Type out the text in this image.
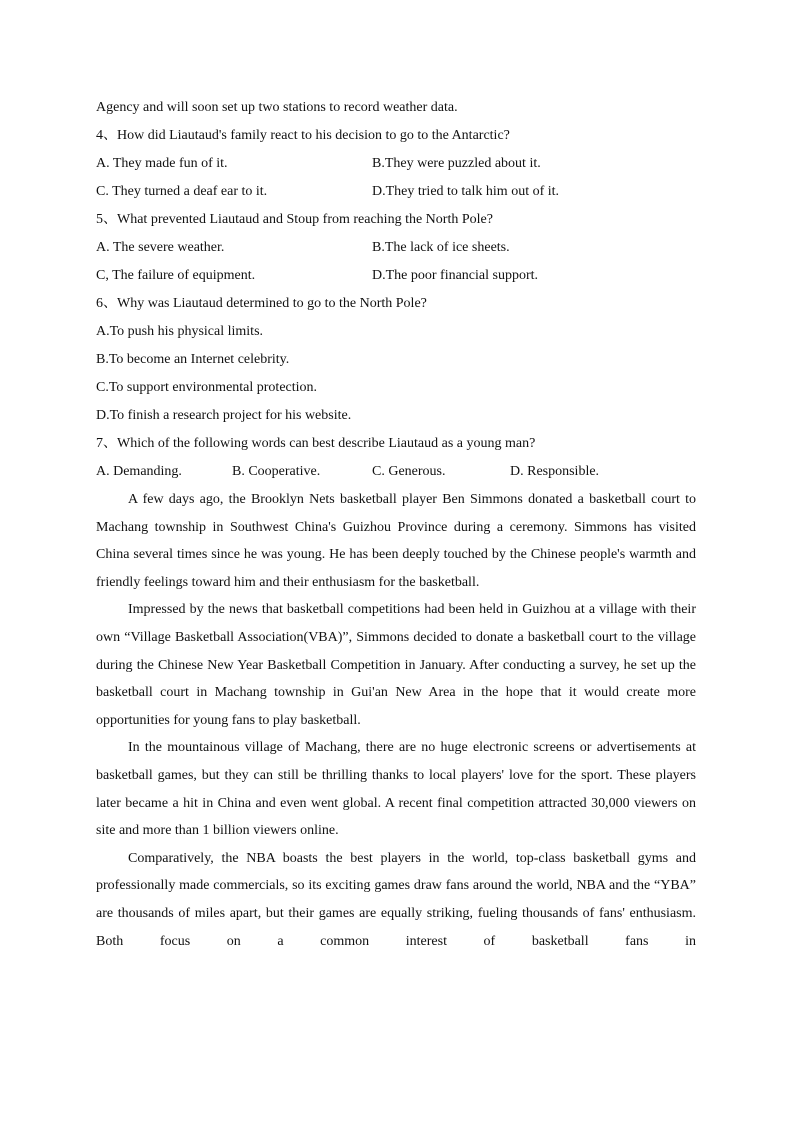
Agency and will soon set up two stations to record weather data.
4、How did Liautaud's family react to his decision to go to the Antarctic?
A. They made fun of it.	B.They were puzzled about it.
C. They turned a deaf ear to it.	D.They tried to talk him out of it.
5、What prevented Liautaud and Stoup from reaching the North Pole?
A. The severe weather.	B.The lack of ice sheets.
C, The failure of equipment.	D.The poor financial support.
6、Why was Liautaud determined to go to the North Pole?
A.To push his physical limits.
B.To become an Internet celebrity.
C.To support environmental protection.
D.To finish a research project for his website.
7、Which of the following words can best describe Liautaud as a young man?
A. Demanding.	B. Cooperative.	C. Generous.	D. Responsible.

A few days ago, the Brooklyn Nets basketball player Ben Simmons donated a basketball court to Machang township in Southwest China's Guizhou Province during a ceremony. Simmons has visited China several times since he was young. He has been deeply touched by the Chinese people's warmth and friendly feelings toward him and their enthusiasm for the basketball.

Impressed by the news that basketball competitions had been held in Guizhou at a village with their own “Village Basketball Association(VBA)”, Simmons decided to donate a basketball court to the village during the Chinese New Year Basketball Competition in January. After conducting a survey, he set up the basketball court in Machang township in Gui'an New Area in the hope that it would create more opportunities for young fans to play basketball.

In the mountainous village of Machang, there are no huge electronic screens or advertisements at basketball games, but they can still be thrilling thanks to local players' love for the sport. These players later became a hit in China and even went global. A recent final competition attracted 30,000 viewers on site and more than 1 billion viewers online.

Comparatively, the NBA boasts the best players in the world, top-class basketball gyms and professionally made commercials, so its exciting games draw fans around the world, NBA and the “YBA” are thousands of miles apart, but their games are equally striking, fueling thousands of fans' enthusiasm. Both focus on a common interest of basketball fans in
